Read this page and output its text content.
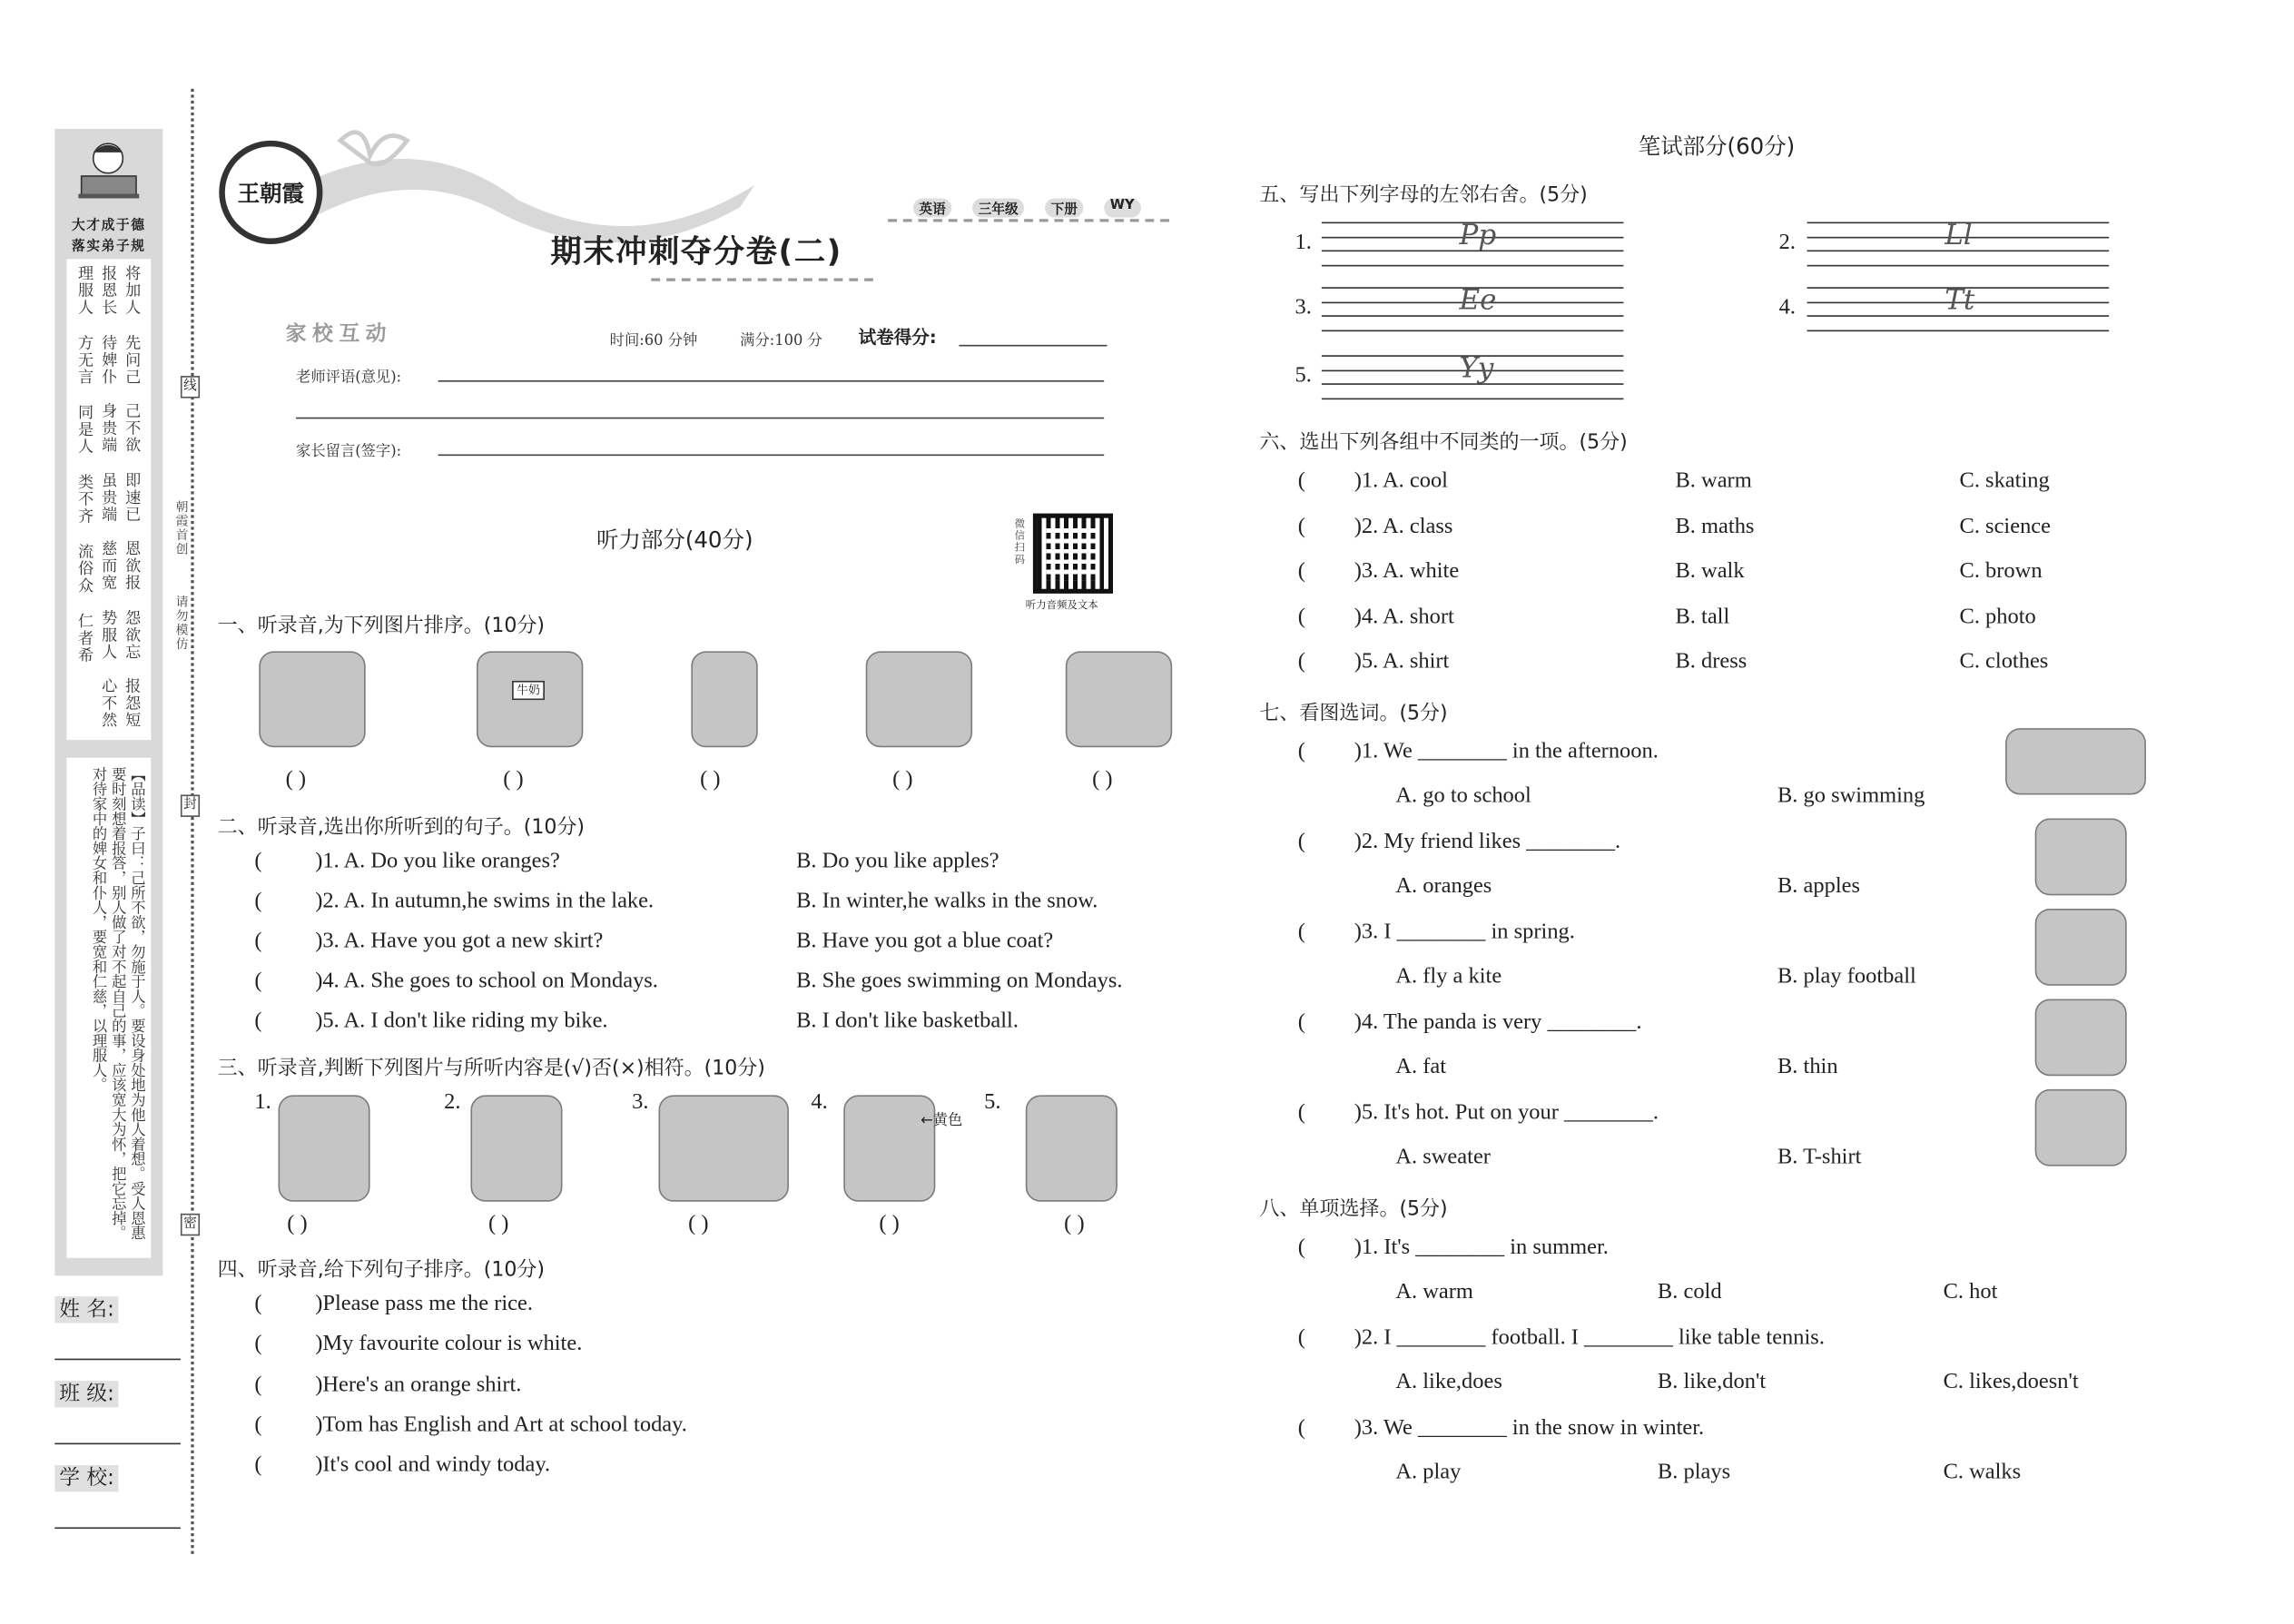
大才成于德
落实弟子规
将加人
先问己
己不欲
即速已
恩欲报
怨欲忘
报怨短
报恩长
待婢仆
身贵端
虽贵端
慈而宽
势服人
心不然
理服人
方无言
同是人
类不齐
流俗众
仁者希
【品读】子曰：己所不欲，勿施于人。要设身处地为他人着想。受人恩惠要时刻想着报答，别人做了对不起自己的事，应该宽大为怀，把它忘掉。对待家中的婢女和仆人，要宽和仁慈，以理服人。
姓 名:
班 级:
学 校:
线
封
密
朝霞首创
请勿模仿
王朝霞
期末冲刺夺分卷(二)
英语	三年级	下册	WY
家校互动	时间:60 分钟	满分:100 分	试卷得分:
老师评语(意见):
家长留言(签字):
听力部分(40分)	微信扫码
听力音频及文本
一、听录音,为下列图片排序。(10分)
( )	( )	( )	( )	( )
牛奶
二、听录音,选出你所听到的句子。(10分)
(	)1. A. Do you like oranges?	B. Do you like apples?
(	)2. A. In autumn,he swims in the lake.	B. In winter,he walks in the snow.
(	)3. A. Have you got a new skirt?	B. Have you got a blue coat?
(	)4. A. She goes to school on Mondays.	B. She goes swimming on Mondays.
(	)5. A. I don't like riding my bike.	B. I don't like basketball.
三、听录音,判断下列图片与所听内容是(√)否(×)相符。(10分)
1.
( )
2.
( )
3.
( )
4.
( )
5.
( )
←黄色
四、听录音,给下列句子排序。(10分)
(	)Please pass me the rice.
(	)My favourite colour is white.
(	)Here's an orange shirt.
(	)Tom has English and Art at school today.
(	)It's cool and windy today.
笔试部分(60分)
五、写出下列字母的左邻右舍。(5分)
1.	Pp	2.	Ll
3.	Ee	4.	Tt
5.	Yy
六、选出下列各组中不同类的一项。(5分)
(	)1. A. cool	B. warm	C. skating
(	)2. A. class	B. maths	C. science
(	)3. A. white	B. walk	C. brown
(	)4. A. short	B. tall	C. photo
(	)5. A. shirt	B. dress	C. clothes
七、看图选词。(5分)
(	)1. We ________ in the afternoon.
A. go to school	B. go swimming
(	)2. My friend likes ________.
A. oranges	B. apples
(	)3. I ________ in spring.
A. fly a kite	B. play football
(	)4. The panda is very ________.
A. fat	B. thin
(	)5. It's hot. Put on your ________.
A. sweater	B. T-shirt
八、单项选择。(5分)
(	)1. It's ________ in summer.
A. warm	B. cold	C. hot
(	)2. I ________ football. I ________ like table tennis.
A. like,does	B. like,don't	C. likes,doesn't
(	)3. We ________ in the snow in winter.
A. play	B. plays	C. walks
